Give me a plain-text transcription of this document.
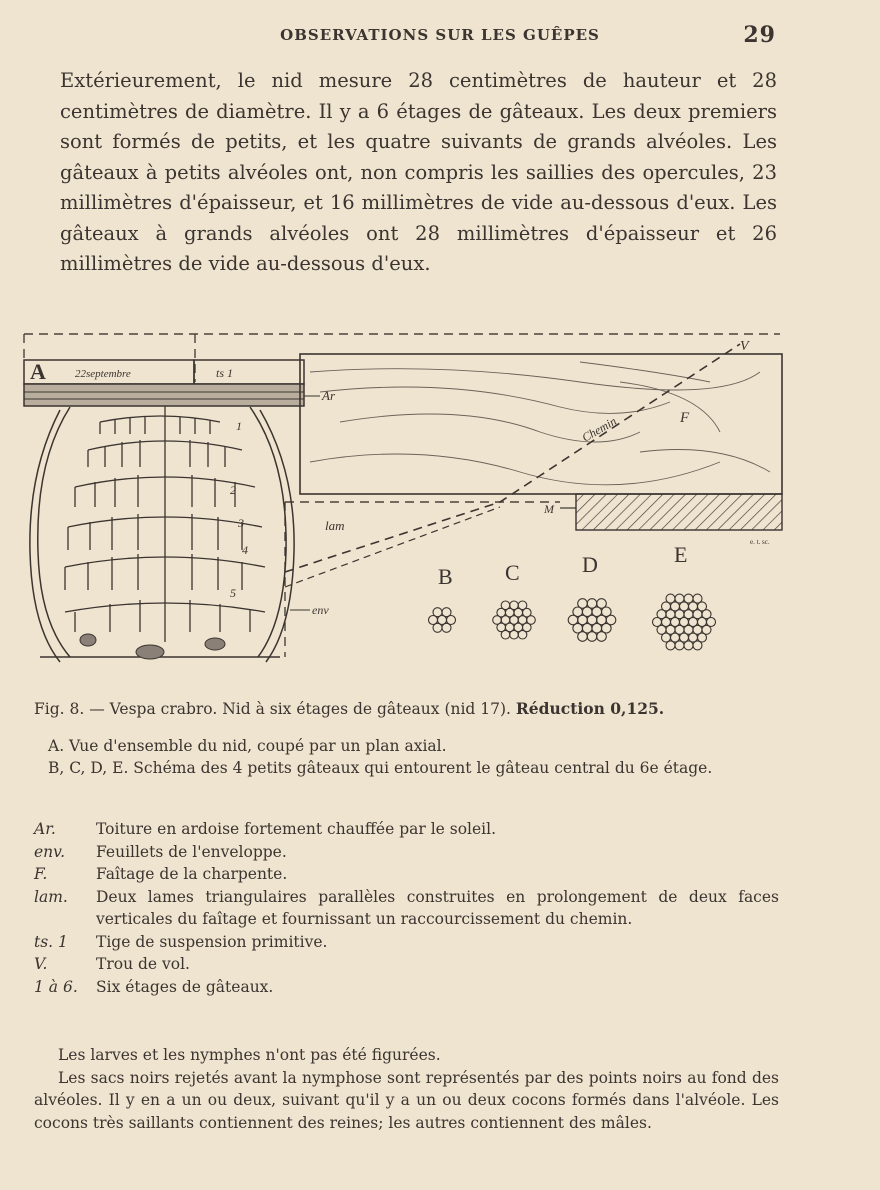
OBSERVATIONS SUR LES GUÊPES	29
Extérieurement, le nid mesure 28 centimètres de hauteur et 28 centimètres de diamètre. Il y a 6 étages de gâteaux. Les deux premiers sont formés de petits, et les quatre suivants de grands alvéoles. Les gâteaux à petits alvéoles ont, non compris les saillies des opercules, 23 millimètres d'épaisseur, et 16 millimètres de vide au-dessous d'eux. Les gâteaux à grands alvéoles ont 28 millimètres d'épaisseur et 26 millimètres de vide au-dessous d'eux.
A	22septembre	ts 1
Ar
Chemin	F
V
M
e. t. sc.
lam
env
1
2
3
4
5
B C	D	E
Fig. 8. — Vespa crabro. Nid à six étages de gâteaux (nid 17). Réduction 0,125.
A. Vue d'ensemble du nid, coupé par un plan axial.
B, C, D, E. Schéma des 4 petits gâteaux qui entourent le gâteau central du 6e étage.
Ar.	Toiture en ardoise fortement chauffée par le soleil.
env.	Feuillets de l'enveloppe.
F.	Faîtage de la charpente.
lam.	Deux lames triangulaires parallèles construites en prolongement de deux faces verticales du faîtage et fournissant un raccourcissement du chemin.
ts. 1	Tige de suspension primitive.
V.	Trou de vol.
1 à 6.	Six étages de gâteaux.

Les larves et les nymphes n'ont pas été figurées.

Les sacs noirs rejetés avant la nymphose sont représentés par des points noirs au fond des alvéoles. Il y en a un ou deux, suivant qu'il y a un ou deux cocons formés dans l'alvéole. Les cocons très saillants contiennent des reines; les autres contiennent des mâles.
